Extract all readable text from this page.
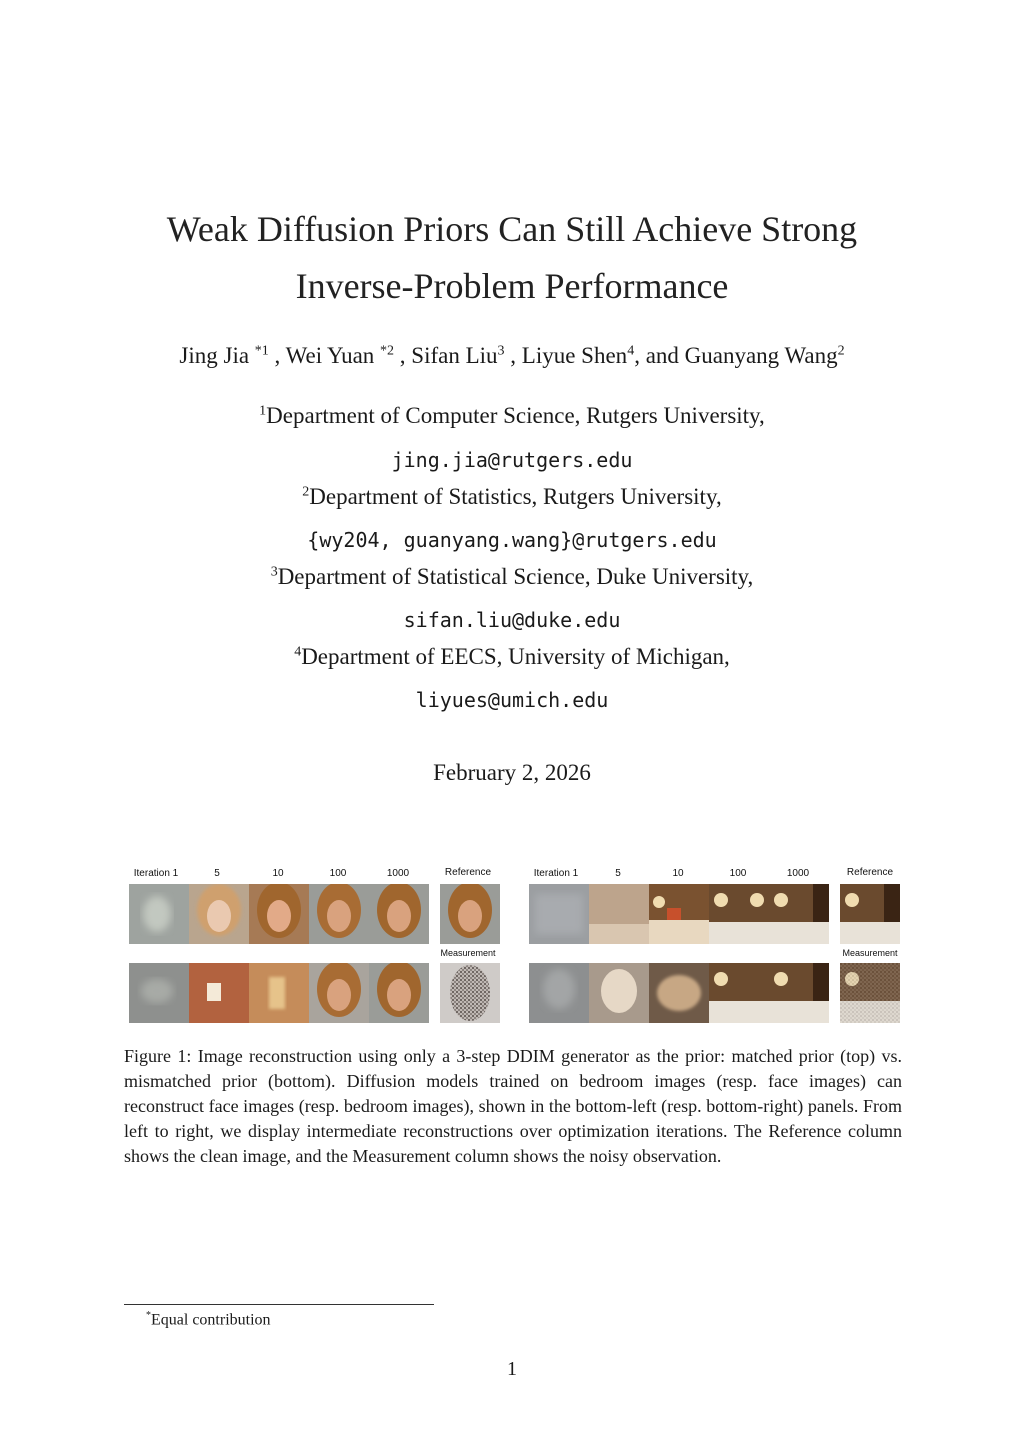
Weak Diffusion Priors Can Still Achieve Strong
Inverse-Problem Performance
Jing Jia $^{*1}$ , Wei Yuan $^{*2}$ , Sifan Liu$^3$ , Liyue Shen$^4$, and Guanyang Wang$^2$
$^1$Department of Computer Science, Rutgers University,
jing.jia@rutgers.edu
$^2$Department of Statistics, Rutgers University,
{wy204, guanyang.wang}@rutgers.edu
$^3$Department of Statistical Science, Duke University,
sifan.liu@duke.edu
$^4$Department of EECS, University of Michigan,
liyues@umich.edu
February 2, 2026
Iteration 1	5	10	100	1000	Reference
Measurement
Iteration 1	5	10	100	1000	Reference
Measurement
Figure 1: Image reconstruction using only a 3-step DDIM generator as the prior: matched prior (top) vs. mismatched prior (bottom). Diffusion models trained on bedroom images (resp. face images) can reconstruct face images (resp. bedroom images), shown in the bottom-left (resp. bottom-right) panels. From left to right, we display intermediate reconstructions over optimization iterations. The Reference column shows the clean image, and the Measurement column shows the noisy observation.
*Equal contribution
1
